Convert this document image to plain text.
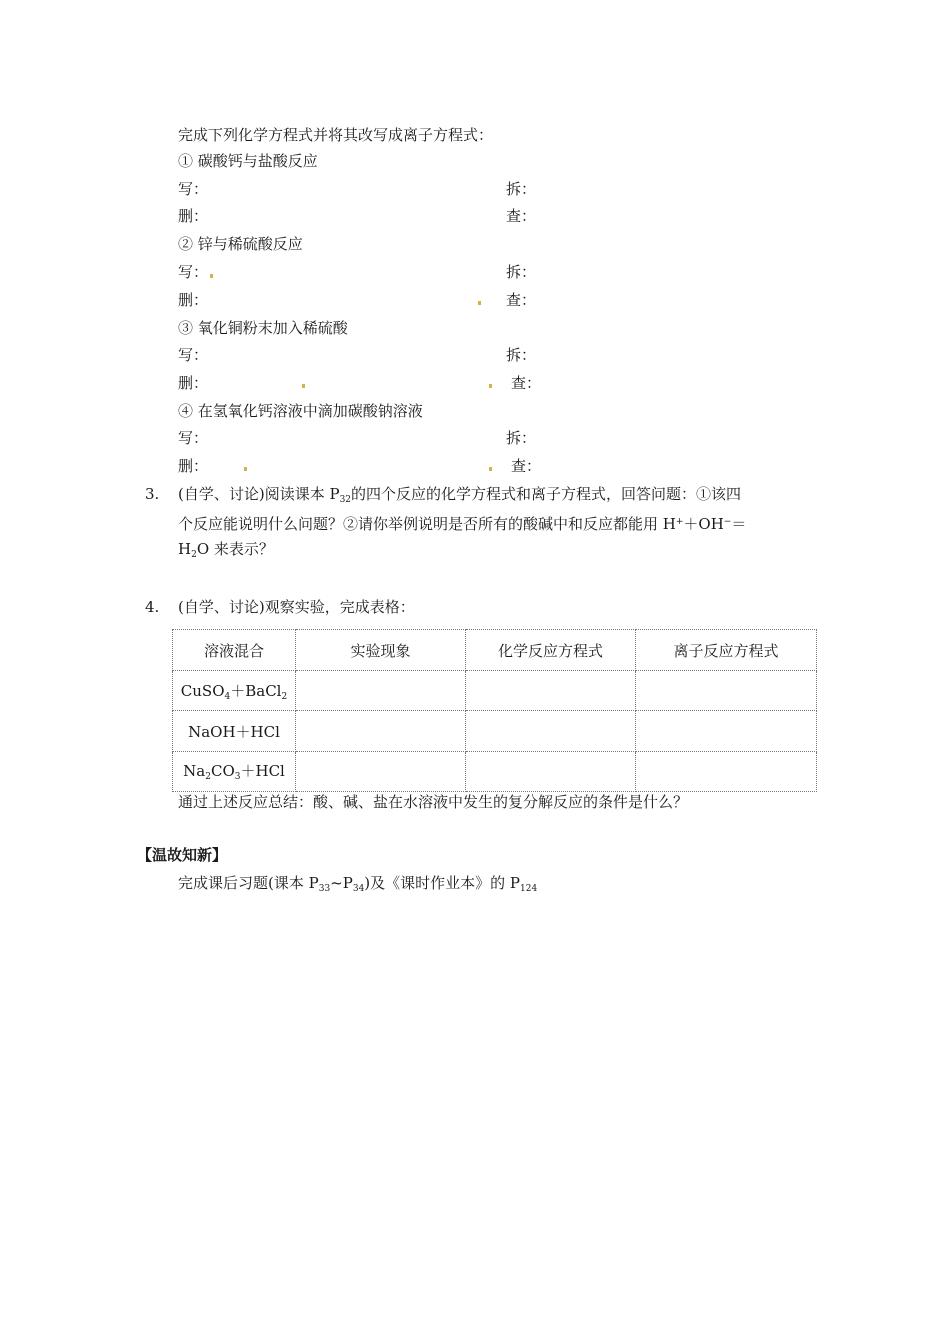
完成下列化学方程式并将其改写成离子方程式：
① 碳酸钙与盐酸反应
写：	拆：
删：	查：
② 锌与稀硫酸反应
写：	拆：
删：	查：
③ 氧化铜粉末加入稀硫酸
写：	拆：
删：	查：
④ 在氢氧化钙溶液中滴加碳酸钠溶液
写：	拆：
删：	查：
3. (自学、讨论)阅读课本 $P_{32}$的四个反应的化学方程式和离子方程式，回答问题：①该四
个反应能说明什么问题？②请你举例说明是否所有的酸碱中和反应都能用 H+＋OH−＝
$H_2O$ 来表示？
4. (自学、讨论)观察实验，完成表格：
溶液混合	实验现象	化学反应方程式	离子反应方程式
CuSO$_4$＋BaCl$_2$			
NaOH＋HCl			
$Na_2CO_3+HCl$			
通过上述反应总结：酸、碱、盐在水溶液中发生的复分解反应的条件是什么？
【温故知新】
完成课后习题(课本 $P_{33}\sim P_{34}$)及《课时作业本》的 $P_{124}$
